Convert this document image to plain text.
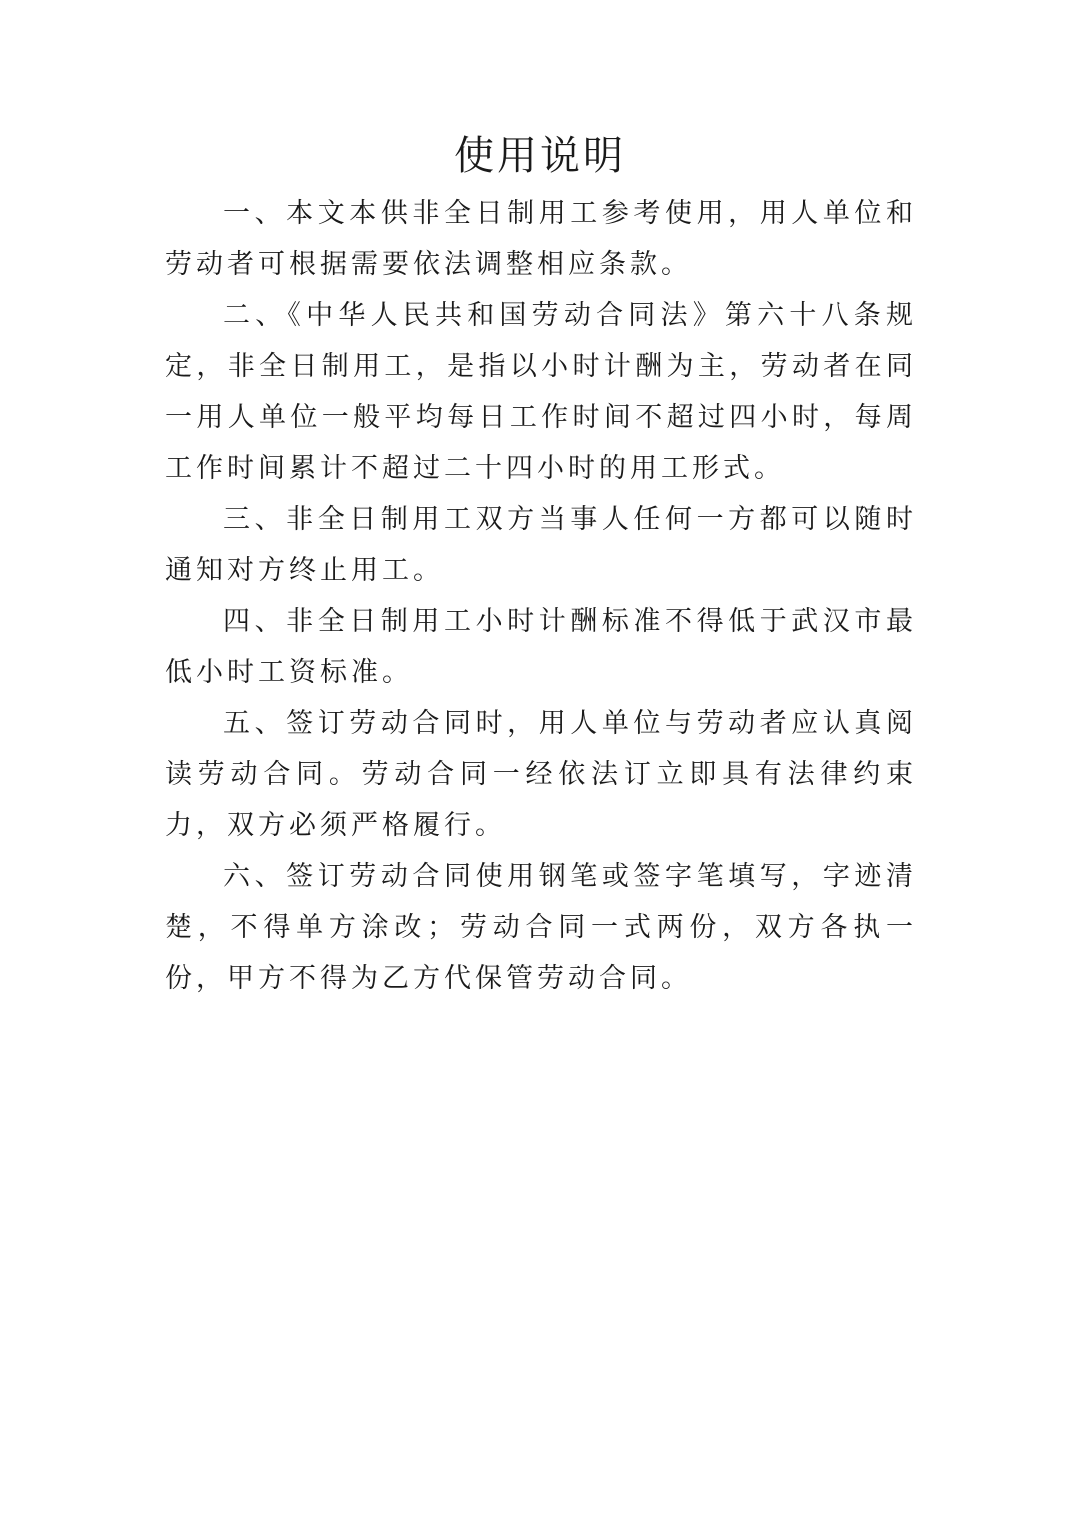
使用说明

一、本文本供非全日制用工参考使用，用人单位和劳动者可根据需要依法调整相应条款。

二、《中华人民共和国劳动合同法》第六十八条规定，非全日制用工，是指以小时计酬为主，劳动者在同一用人单位一般平均每日工作时间不超过四小时，每周工作时间累计不超过二十四小时的用工形式。

三、非全日制用工双方当事人任何一方都可以随时通知对方终止用工。

四、非全日制用工小时计酬标准不得低于武汉市最低小时工资标准。

五、签订劳动合同时，用人单位与劳动者应认真阅读劳动合同。劳动合同一经依法订立即具有法律约束力，双方必须严格履行。

六、签订劳动合同使用钢笔或签字笔填写，字迹清楚，不得单方涂改；劳动合同一式两份，双方各执一份，甲方不得为乙方代保管劳动合同。
